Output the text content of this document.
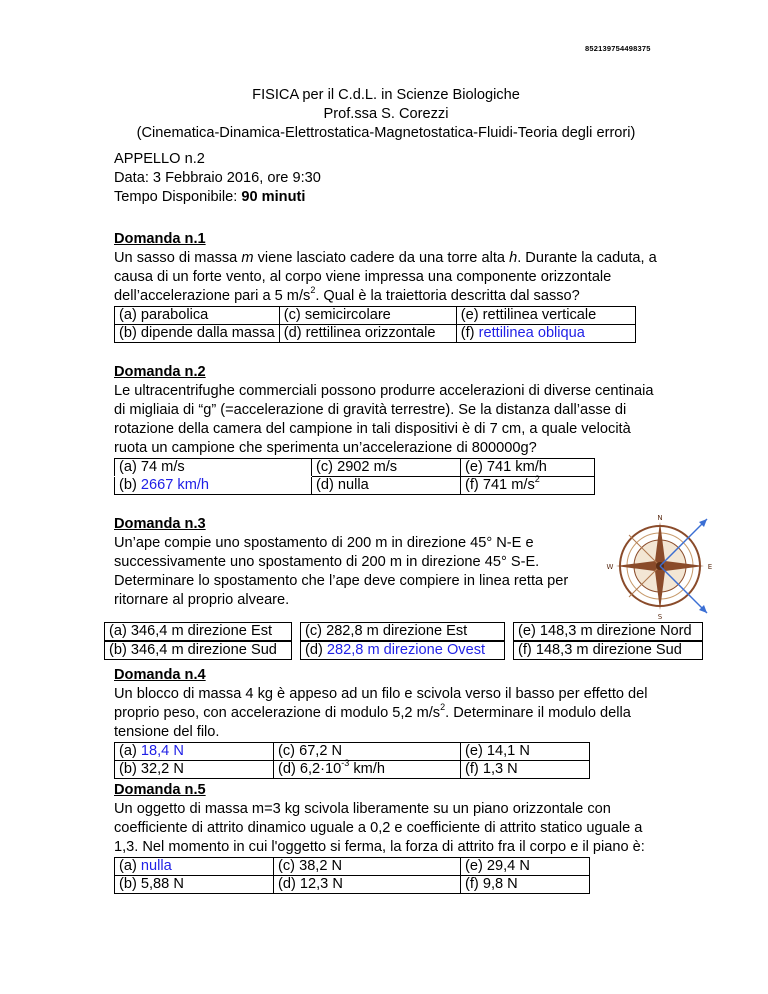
852139754498375
FISICA per il C.d.L. in Scienze Biologiche
Prof.ssa S. Corezzi
(Cinematica-Dinamica-Elettrostatica-Magnetostatica-Fluidi-Teoria degli errori)
APPELLO n.2
Data: 3 Febbraio 2016, ore 9:30
Tempo Disponibile: 90 minuti
Domanda n.1
Un sasso di massa m viene lasciato cadere da una torre alta h. Durante la caduta, a causa di un forte vento, al corpo viene impressa una componente orizzontale dell’accelerazione pari a 5 $m/s^2$. Qual è la traiettoria descritta dal sasso?
(a) parabolica	(c) semicircolare	(e) rettilinea verticale
(b) dipende dalla massa	(d) rettilinea orizzontale	(f) rettilinea obliqua
Domanda n.2
Le ultracentrifughe commerciali possono produrre accelerazioni di diverse centinaia di migliaia di “g” (=accelerazione di gravità terrestre). Se la distanza dall’asse di rotazione della camera del campione in tali dispositivi è di 7 cm, a quale velocità ruota un campione che sperimenta un’accelerazione di 800000g?
(a) 74 m/s	(c) 2902 m/s	(e) 741 km/h
(b) 2667 km/h	(d) nulla	(f) 741 $m/s^2$
Domanda n.3
Un’ape compie uno spostamento di 200 m in direzione 45° N-E e successivamente uno spostamento di 200 m in direzione 45° S-E. Determinare lo spostamento che l’ape deve compiere in linea retta per ritornare al proprio alveare.
N
S
E
W
(a) 346,4 m direzione Est		(c) 282,8 m direzione Est		(e) 148,3 m direzione Nord
(b) 346,4 m direzione Sud		(d) 282,8 m direzione Ovest		(f) 148,3 m direzione Sud
Domanda n.4
Un blocco di massa 4 kg è appeso ad un filo e scivola verso il basso per effetto del proprio peso, con accelerazione di modulo 5,2 $m/s^2$. Determinare il modulo della tensione del filo.
(a) 18,4 N	(c) 67,2 N	(e) 14,1 N
(b) 32,2 N	(d) $6,2\cdot 10^{-3}$ km/h	(f) 1,3 N
Domanda n.5
Un oggetto di massa m=3 kg scivola liberamente su un piano orizzontale con coefficiente di attrito dinamico uguale a 0,2 e coefficiente di attrito statico uguale a 1,3. Nel momento in cui l'oggetto si ferma, la forza di attrito fra il corpo e il piano è:
(a) nulla	(c) 38,2 N	(e) 29,4 N
(b) 5,88 N	(d) 12,3 N	(f) 9,8 N
